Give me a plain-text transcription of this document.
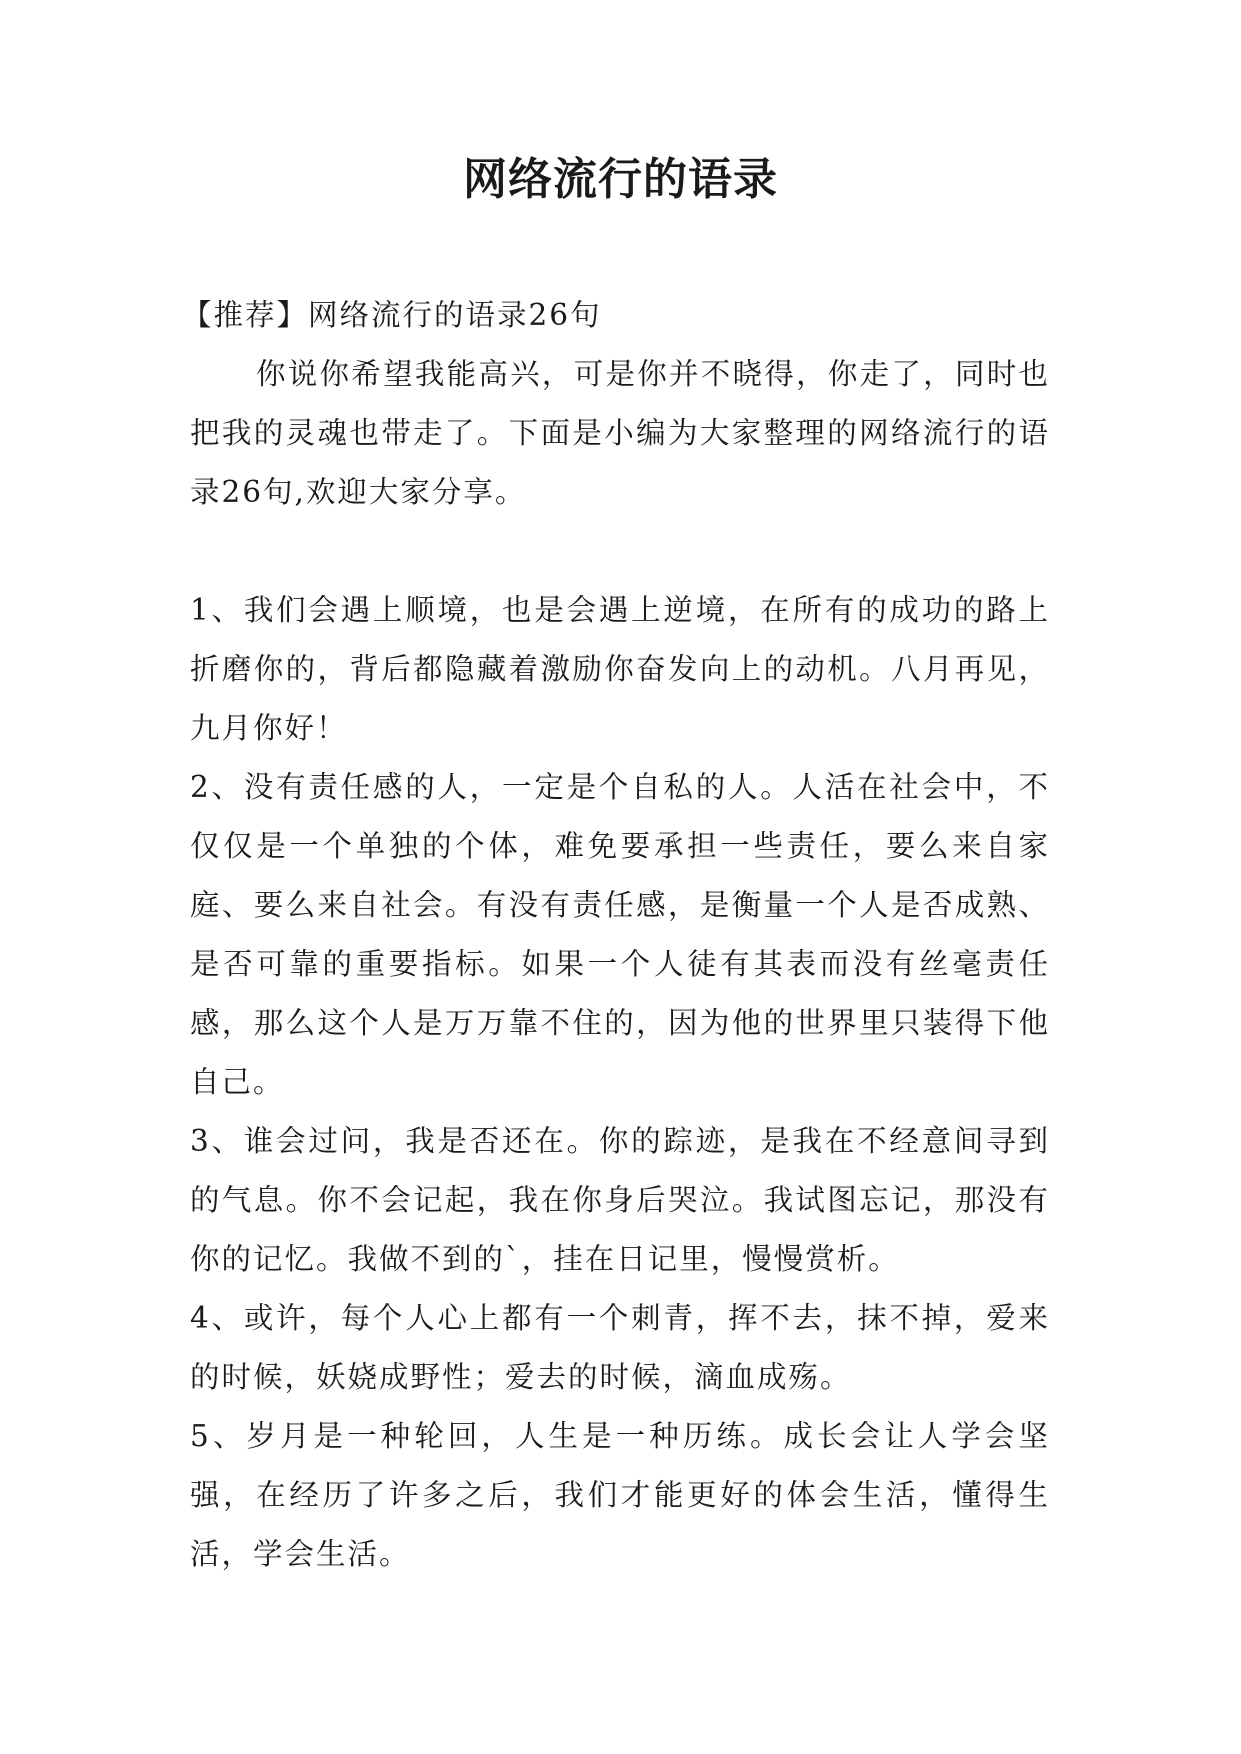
网络流行的语录

【推荐】网络流行的语录26句

你说你希望我能高兴，可是你并不晓得，你走了，同时也把我的灵魂也带走了。下面是小编为大家整理的网络流行的语录26句,欢迎大家分享。

1、我们会遇上顺境，也是会遇上逆境，在所有的成功的路上折磨你的，背后都隐藏着激励你奋发向上的动机。八月再见，九月你好！

2、没有责任感的人，一定是个自私的人。人活在社会中，不仅仅是一个单独的个体，难免要承担一些责任，要么来自家庭、要么来自社会。有没有责任感，是衡量一个人是否成熟、是否可靠的重要指标。如果一个人徒有其表而没有丝毫责任感，那么这个人是万万靠不住的，因为他的世界里只装得下他自己。

3、谁会过问，我是否还在。你的踪迹，是我在不经意间寻到的气息。你不会记起，我在你身后哭泣。我试图忘记，那没有你的记忆。我做不到的`，挂在日记里，慢慢赏析。

4、或许，每个人心上都有一个刺青，挥不去，抹不掉，爱来的时候，妖娆成野性；爱去的时候，滴血成殇。

5、岁月是一种轮回，人生是一种历练。成长会让人学会坚强，在经历了许多之后，我们才能更好的体会生活，懂得生活，学会生活。
